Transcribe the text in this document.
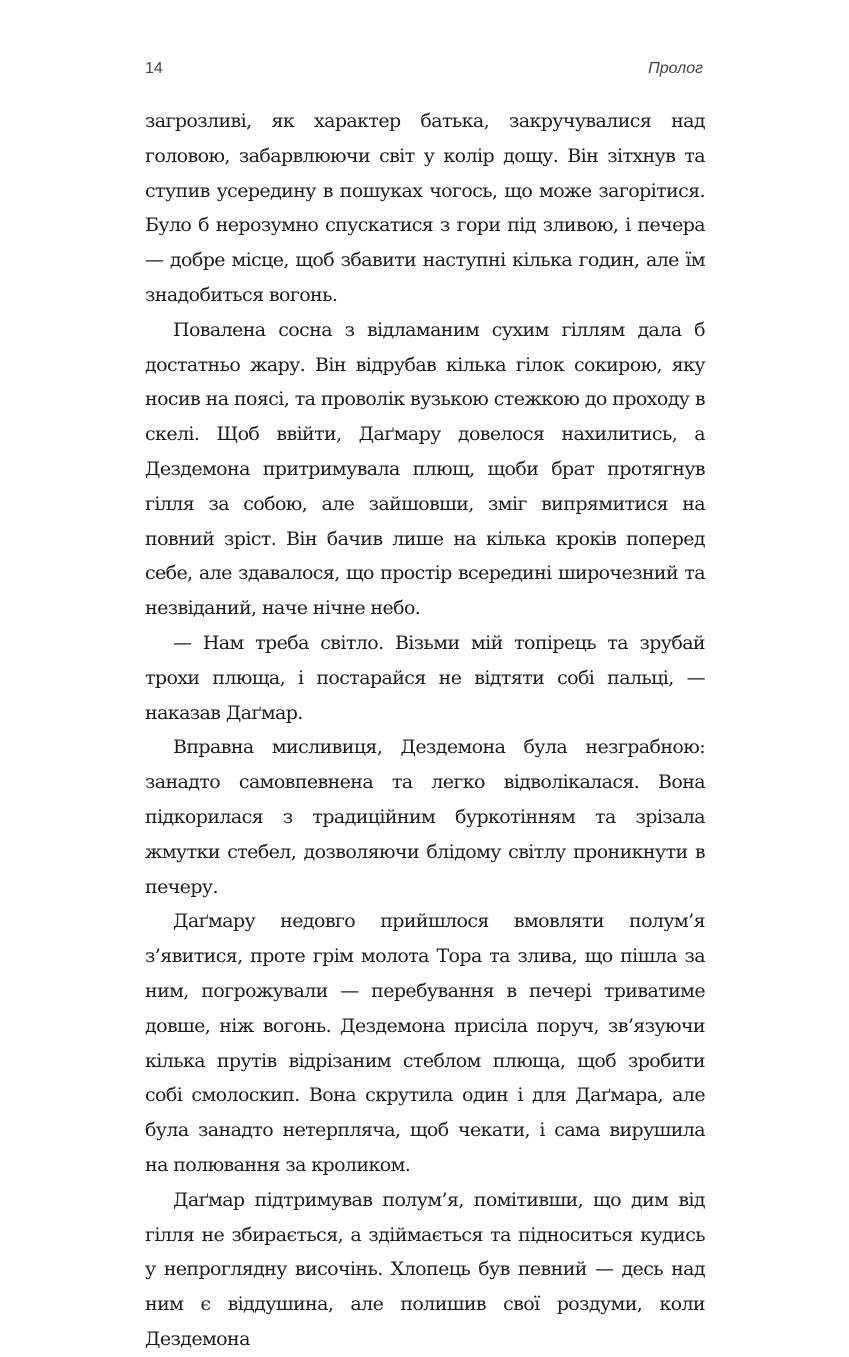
14	Пролог

загрозливі, як характер батька, закручувалися над головою, забарвлюючи світ у колір дощу. Він зітхнув та ступив усередину в пошуках чогось, що може загорітися. Було б нерозумно спускатися з гори під зливою, і печера — добре місце, щоб збавити наступні кілька годин, але їм знадобиться вогонь.

Повалена сосна з відламаним сухим гіллям дала б достатньо жару. Він відрубав кілька гілок сокирою, яку носив на поясі, та проволік вузькою стежкою до проходу в скелі. Щоб ввійти, Даґмару довелося нахилитись, а Дездемона притримувала плющ, щоби брат протягнув гілля за собою, але зайшовши, зміг випрямитися на повний зріст. Він бачив лише на кілька кроків поперед себе, але здавалося, що простір всередині широчезний та незвіданий, наче нічне небо.

— Нам треба світло. Візьми мій топірець та зрубай трохи плюща, і постарайся не відтяти собі пальці, — наказав Даґмар.

Вправна мисливиця, Дездемона була незграбною: занадто самовпевнена та легко відволікалася. Вона підкорилася з традиційним буркотінням та зрізала жмутки стебел, дозволяючи блідому світлу проникнути в печеру.

Даґмару недовго прийшлося вмовляти полум’я з’явитися, проте грім молота Тора та злива, що пішла за ним, погрожували — перебування в печері триватиме довше, ніж вогонь. Дездемона присіла поруч, зв’язуючи кілька прутів відрізаним стеблом плюща, щоб зробити собі смолоскип. Вона скрутила один і для Даґмара, але була занадто нетерпляча, щоб чекати, і сама вирушила на полювання за кроликом.

Даґмар підтримував полум’я, помітивши, що дим від гілля не збирається, а здіймається та підноситься кудись у непроглядну височінь. Хлопець був певний — десь над ним є віддушина, але полишив свої роздуми, коли Дездемона
